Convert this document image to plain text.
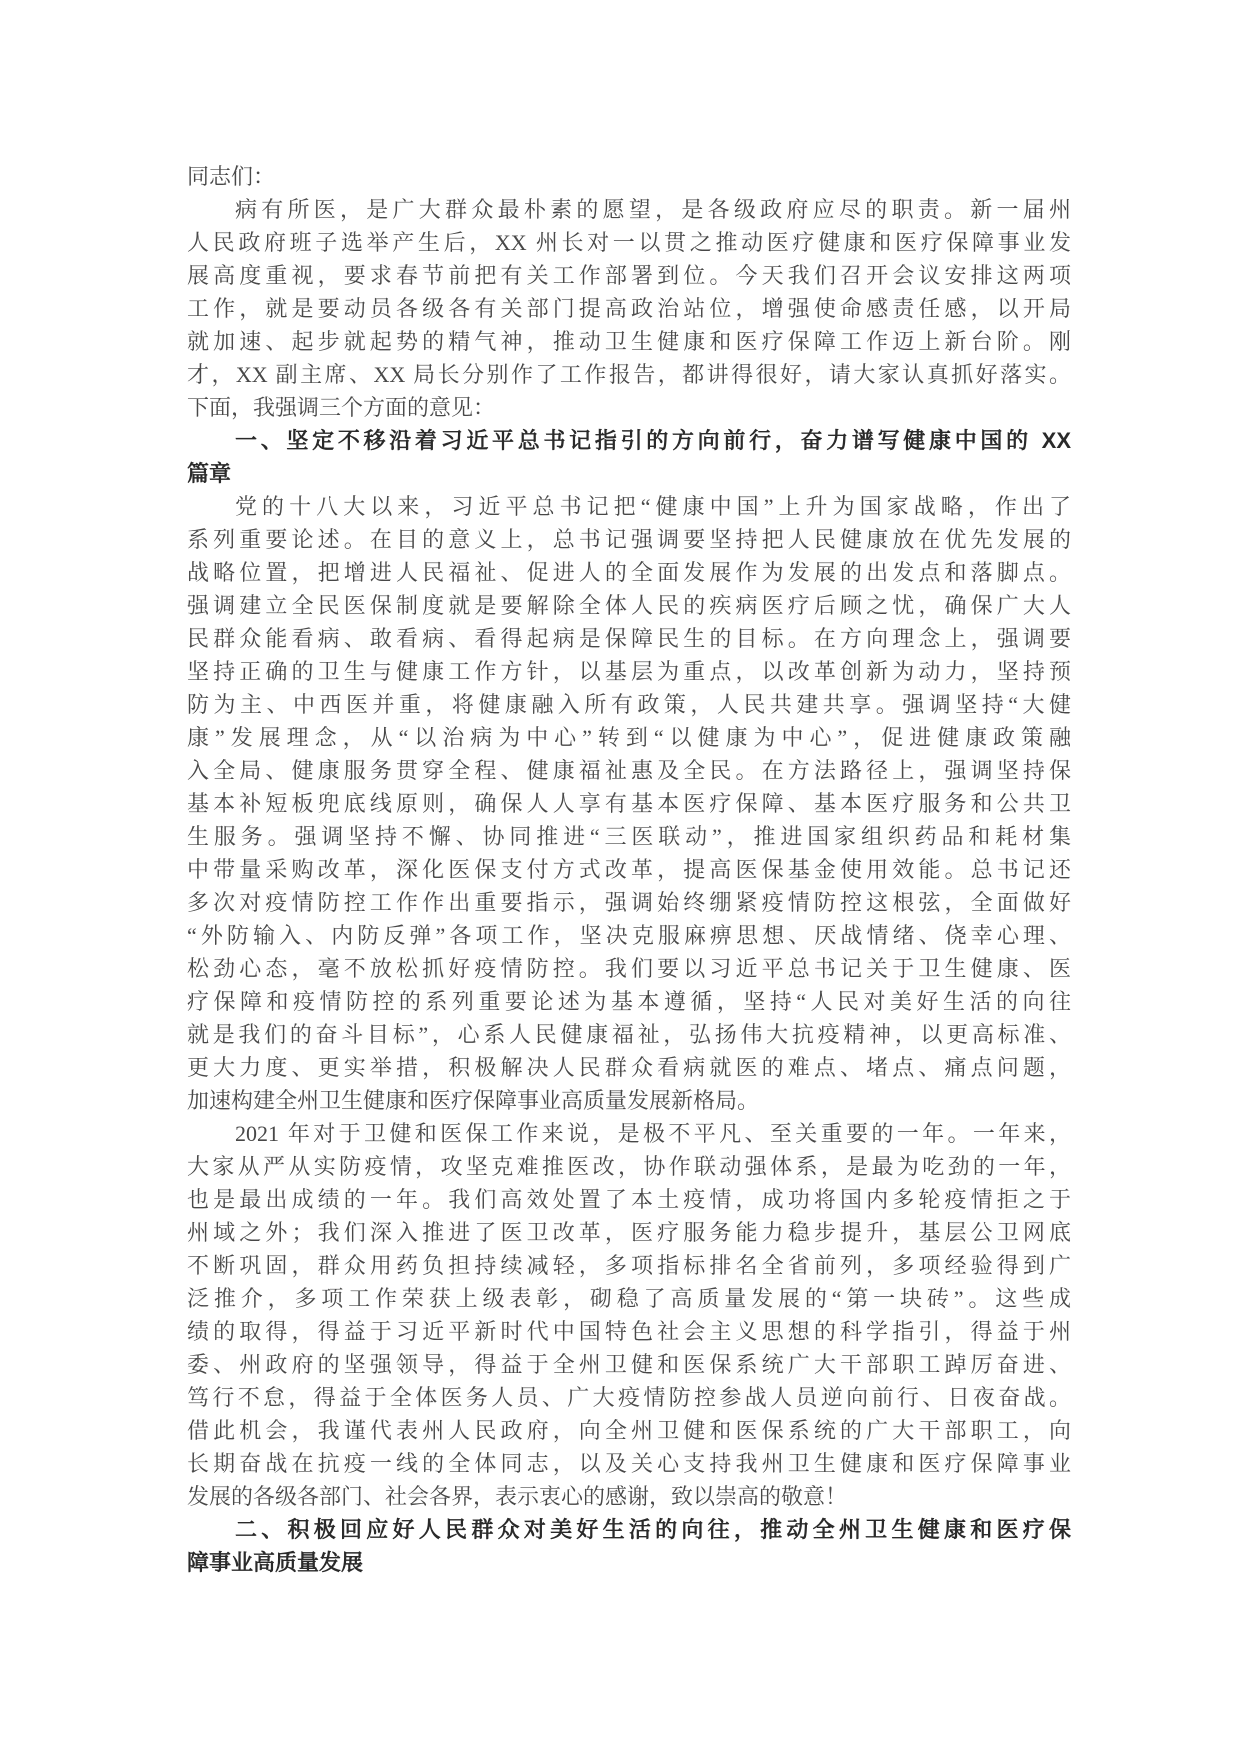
同志们：
病有所医，是广大群众最朴素的愿望，是各级政府应尽的职责。新一届州
人民政府班子选举产生后，XX 州长对一以贯之推动医疗健康和医疗保障事业发
展高度重视，要求春节前把有关工作部署到位。今天我们召开会议安排这两项
工作，就是要动员各级各有关部门提高政治站位，增强使命感责任感，以开局
就加速、起步就起势的精气神，推动卫生健康和医疗保障工作迈上新台阶。刚
才，XX 副主席、XX 局长分别作了工作报告，都讲得很好，请大家认真抓好落实。
下面，我强调三个方面的意见：
一、坚定不移沿着习近平总书记指引的方向前行，奋力谱写健康中国的 XX
篇章
党的十八大以来，习近平总书记把“健康中国”上升为国家战略，作出了
系列重要论述。在目的意义上，总书记强调要坚持把人民健康放在优先发展的
战略位置，把增进人民福祉、促进人的全面发展作为发展的出发点和落脚点。
强调建立全民医保制度就是要解除全体人民的疾病医疗后顾之忧，确保广大人
民群众能看病、敢看病、看得起病是保障民生的目标。在方向理念上，强调要
坚持正确的卫生与健康工作方针，以基层为重点，以改革创新为动力，坚持预
防为主、中西医并重，将健康融入所有政策，人民共建共享。强调坚持“大健
康”发展理念，从“以治病为中心”转到“以健康为中心”，促进健康政策融
入全局、健康服务贯穿全程、健康福祉惠及全民。在方法路径上，强调坚持保
基本补短板兜底线原则，确保人人享有基本医疗保障、基本医疗服务和公共卫
生服务。强调坚持不懈、协同推进“三医联动”，推进国家组织药品和耗材集
中带量采购改革，深化医保支付方式改革，提高医保基金使用效能。总书记还
多次对疫情防控工作作出重要指示，强调始终绷紧疫情防控这根弦，全面做好
“外防输入、内防反弹”各项工作，坚决克服麻痹思想、厌战情绪、侥幸心理、
松劲心态，毫不放松抓好疫情防控。我们要以习近平总书记关于卫生健康、医
疗保障和疫情防控的系列重要论述为基本遵循，坚持“人民对美好生活的向往
就是我们的奋斗目标”，心系人民健康福祉，弘扬伟大抗疫精神，以更高标准、
更大力度、更实举措，积极解决人民群众看病就医的难点、堵点、痛点问题，
加速构建全州卫生健康和医疗保障事业高质量发展新格局。
2021 年对于卫健和医保工作来说，是极不平凡、至关重要的一年。一年来，
大家从严从实防疫情，攻坚克难推医改，协作联动强体系，是最为吃劲的一年，
也是最出成绩的一年。我们高效处置了本土疫情，成功将国内多轮疫情拒之于
州域之外；我们深入推进了医卫改革，医疗服务能力稳步提升，基层公卫网底
不断巩固，群众用药负担持续减轻，多项指标排名全省前列，多项经验得到广
泛推介，多项工作荣获上级表彰，砌稳了高质量发展的“第一块砖”。这些成
绩的取得，得益于习近平新时代中国特色社会主义思想的科学指引，得益于州
委、州政府的坚强领导，得益于全州卫健和医保系统广大干部职工踔厉奋进、
笃行不怠，得益于全体医务人员、广大疫情防控参战人员逆向前行、日夜奋战。
借此机会，我谨代表州人民政府，向全州卫健和医保系统的广大干部职工，向
长期奋战在抗疫一线的全体同志，以及关心支持我州卫生健康和医疗保障事业
发展的各级各部门、社会各界，表示衷心的感谢，致以崇高的敬意！
二、积极回应好人民群众对美好生活的向往，推动全州卫生健康和医疗保
障事业高质量发展
